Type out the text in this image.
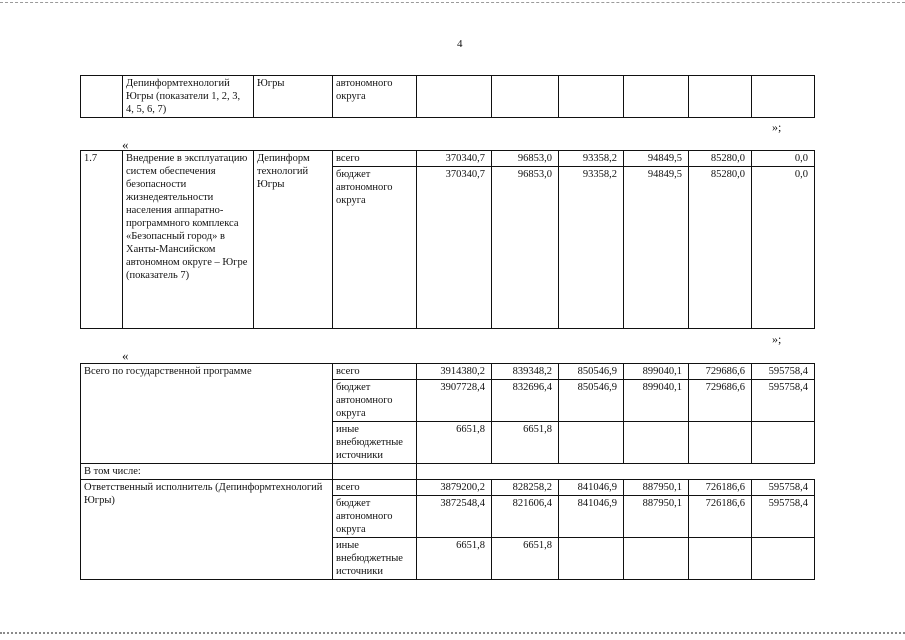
4
	Депинформтехнологий Югры (показатели 1, 2, 3, 4, 5, 6, 7)	Югры	автономного округа						
»;
«
1.7	Внедрение в эксплуатацию систем обеспечения безопасности жизнедеятельности населения аппаратно-программного комплекса «Безопасный город» в Ханты-Мансийском автономном округе – Югре (показатель 7)	Депинформ технологий Югры	всего	370340,7	96853,0	93358,2	94849,5	85280,0	0,0
			бюджет автономного округа	370340,7	96853,0	93358,2	94849,5	85280,0	0,0
»;
«
Всего по государственной программе	всего	3914380,2	839348,2	850546,9	899040,1	729686,6	595758,4
	бюджет автономного округа	3907728,4	832696,4	850546,9	899040,1	729686,6	595758,4
	иные внебюджетные источники	6651,8	6651,8				
В том числе:							
Ответственный исполнитель (Депинформтехнологий Югры)	всего	3879200,2	828258,2	841046,9	887950,1	726186,6	595758,4
	бюджет автономного округа	3872548,4	821606,4	841046,9	887950,1	726186,6	595758,4
	иные внебюджетные источники	6651,8	6651,8				
